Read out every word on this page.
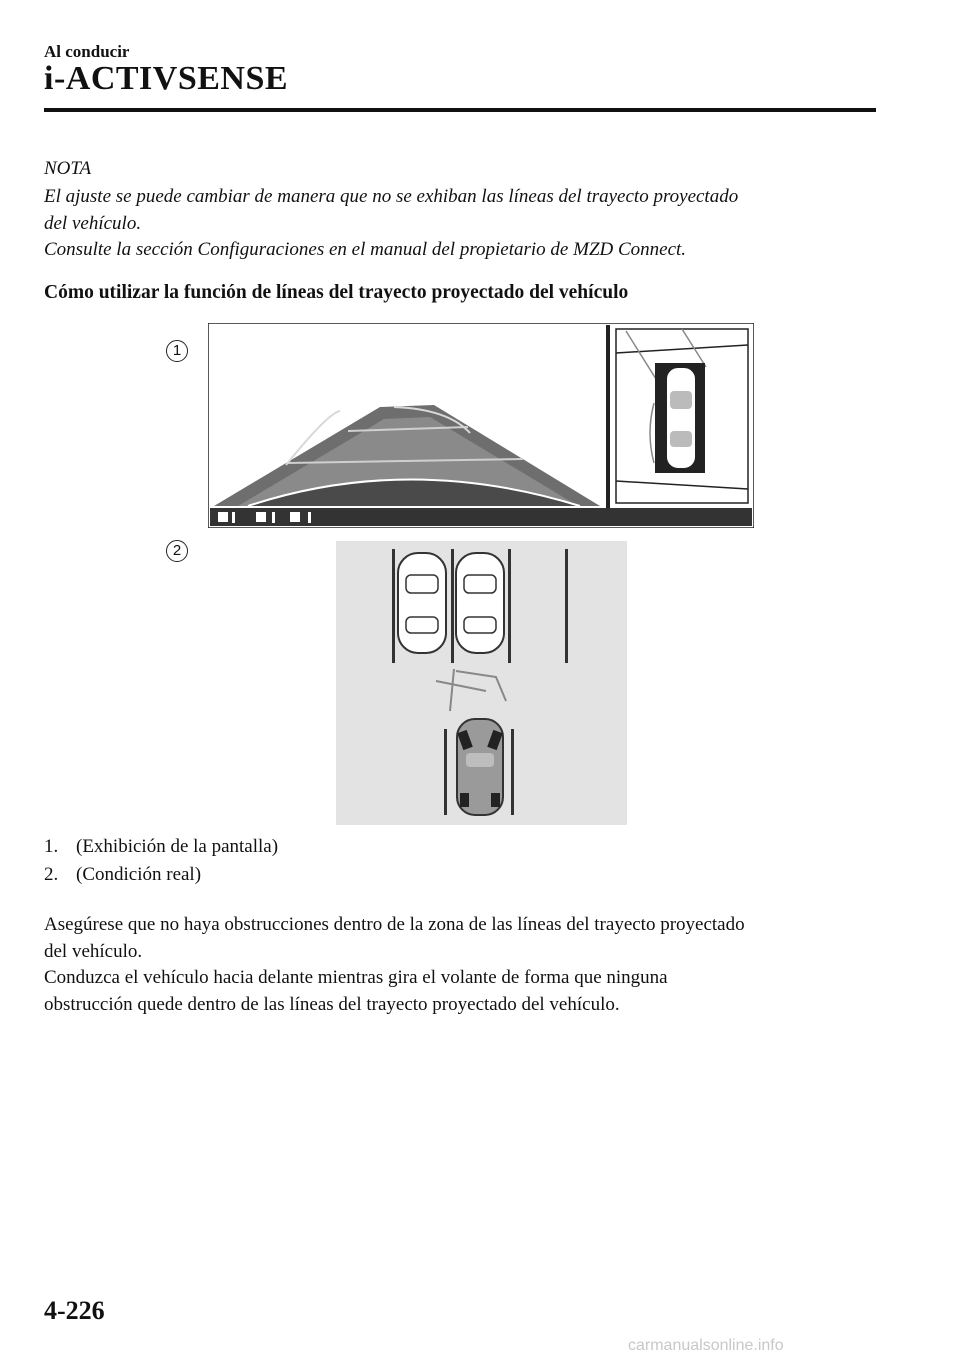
Al conducir
i-ACTIVSENSE
NOTA

El ajuste se puede cambiar de manera que no se exhiban las líneas del trayecto proyectado

del vehículo.

Consulte la sección Configuraciones en el manual del propietario de MZD Connect.

Cómo utilizar la función de líneas del trayecto proyectado del vehículo
1
2
1. (Exhibición de la pantalla)
2. (Condición real)

Asegúrese que no haya obstrucciones dentro de la zona de las líneas del trayecto proyectado

del vehículo.

Conduzca el vehículo hacia delante mientras gira el volante de forma que ninguna

obstrucción quede dentro de las líneas del trayecto proyectado del vehículo.

4-226
carmanualsonline.info
